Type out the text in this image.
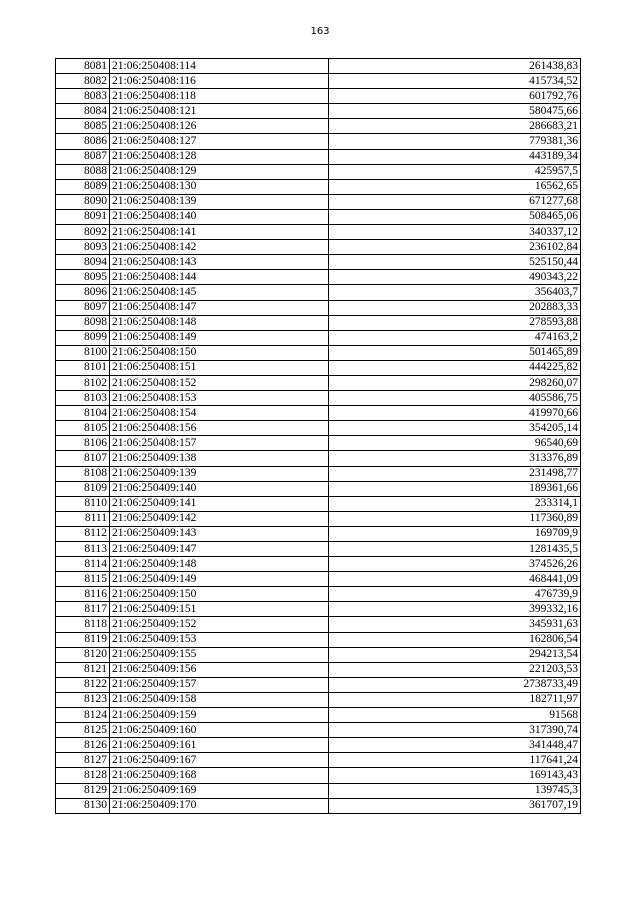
163
8081	21:06:250408:114	261438,83
8082	21:06:250408:116	415734,52
8083	21:06:250408:118	601792,76
8084	21:06:250408:121	580475,66
8085	21:06:250408:126	286683,21
8086	21:06:250408:127	779381,36
8087	21:06:250408:128	443189,34
8088	21:06:250408:129	425957,5
8089	21:06:250408:130	16562,65
8090	21:06:250408:139	671277,68
8091	21:06:250408:140	508465,06
8092	21:06:250408:141	340337,12
8093	21:06:250408:142	236102,84
8094	21:06:250408:143	525150,44
8095	21:06:250408:144	490343,22
8096	21:06:250408:145	356403,7
8097	21:06:250408:147	202883,33
8098	21:06:250408:148	278593,88
8099	21:06:250408:149	474163,2
8100	21:06:250408:150	501465,89
8101	21:06:250408:151	444225,82
8102	21:06:250408:152	298260,07
8103	21:06:250408:153	405586,75
8104	21:06:250408:154	419970,66
8105	21:06:250408:156	354205,14
8106	21:06:250408:157	96540,69
8107	21:06:250409:138	313376,89
8108	21:06:250409:139	231498,77
8109	21:06:250409:140	189361,66
8110	21:06:250409:141	233314,1
8111	21:06:250409:142	117360,89
8112	21:06:250409:143	169709,9
8113	21:06:250409:147	1281435,5
8114	21:06:250409:148	374526,26
8115	21:06:250409:149	468441,09
8116	21:06:250409:150	476739,9
8117	21:06:250409:151	399332,16
8118	21:06:250409:152	345931,63
8119	21:06:250409:153	162806,54
8120	21:06:250409:155	294213,54
8121	21:06:250409:156	221203,53
8122	21:06:250409:157	2738733,49
8123	21:06:250409:158	182711,97
8124	21:06:250409:159	91568
8125	21:06:250409:160	317390,74
8126	21:06:250409:161	341448,47
8127	21:06:250409:167	117641,24
8128	21:06:250409:168	169143,43
8129	21:06:250409:169	139745,3
8130	21:06:250409:170	361707,19
